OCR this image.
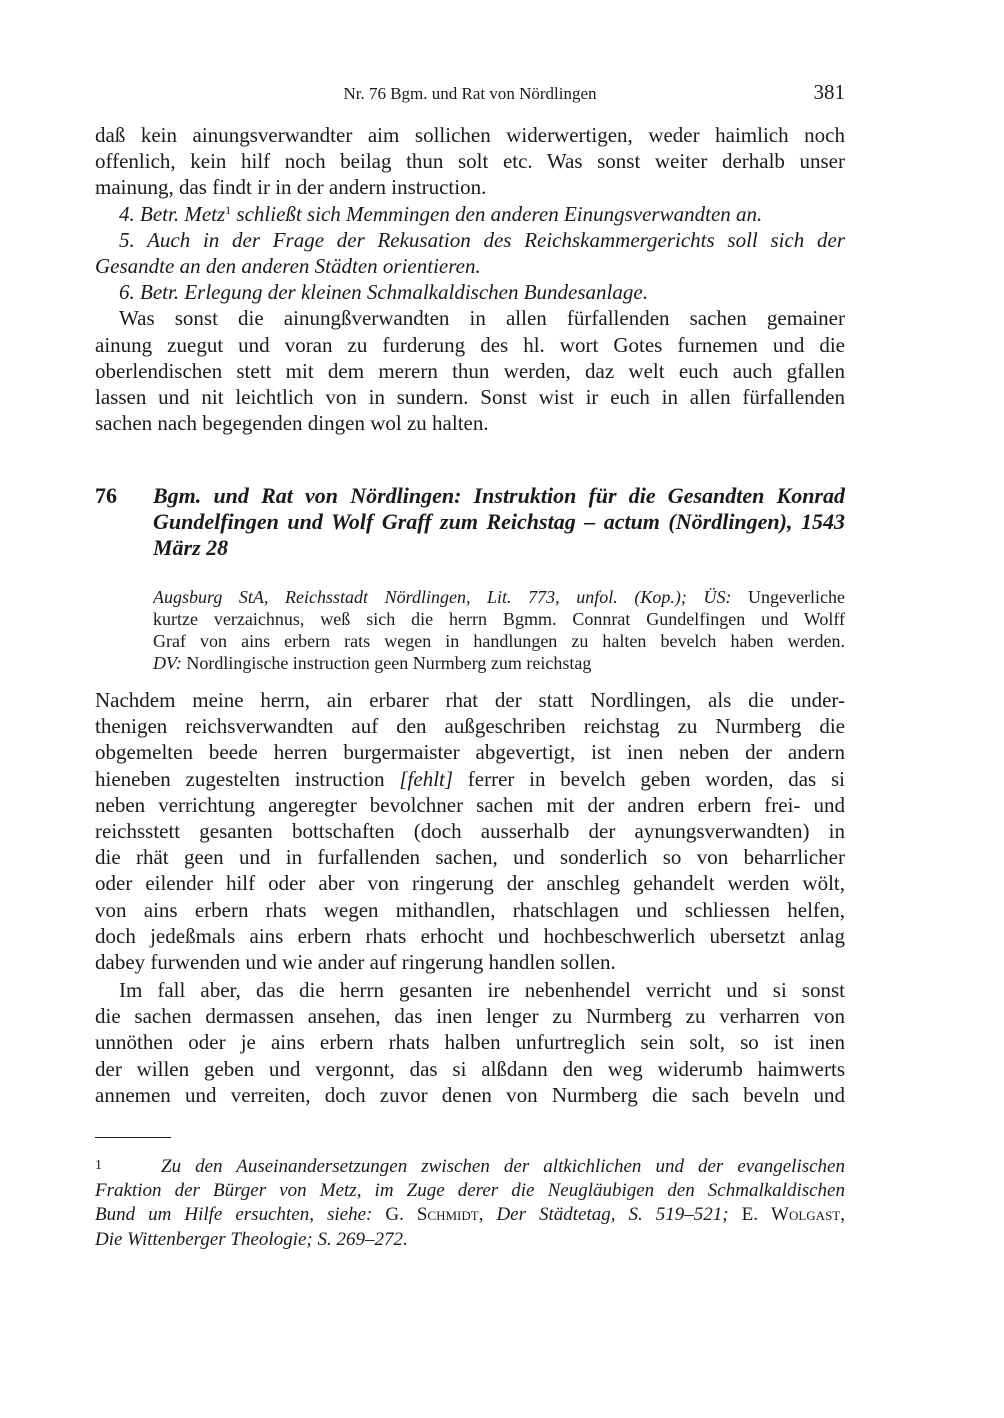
Nr. 76 Bgm. und Rat von Nördlingen	381
daß kein ainungsverwandter aim sollichen widerwertigen, weder haimlich noch
offenlich, kein hilf noch beilag thun solt etc. Was sonst weiter derhalb unser
mainung, das findt ir in der andern instruction.
4. Betr. Metz$^1$ schließt sich Memmingen den anderen Einungsverwandten an.
5. Auch in der Frage der Rekusation des Reichskammergerichts soll sich der
Gesandte an den anderen Städten orientieren.
6. Betr. Erlegung der kleinen Schmalkaldischen Bundesanlage.
Was sonst die ainungßverwandten in allen fürfallenden sachen gemainer
ainung zuegut und voran zu furderung des hl. wort Gotes furnemen und die
oberlendischen stett mit dem merern thun werden, daz welt euch auch gfallen
lassen und nit leichtlich von in sundern. Sonst wist ir euch in allen fürfallenden
sachen nach begegenden dingen wol zu halten.
76 Bgm. und Rat von Nördlingen: Instruktion für die Gesandten Konrad
Gundelfingen und Wolf Graff zum Reichstag – actum (Nördlingen), 1543
März 28
Augsburg StA, Reichsstadt Nördlingen, Lit. 773, unfol. (Kop.); ÜS: Ungeverliche
kurtze verzaichnus, weß sich die herrn Bgmm. Connrat Gundelfingen und Wolff
Graf von ains erbern rats wegen in handlungen zu halten bevelch haben werden.
DV: Nordlingische instruction geen Nurmberg zum reichstag
Nachdem meine herrn, ain erbarer rhat der statt Nordlingen, als die under-
thenigen reichsverwandten auf den außgeschriben reichstag zu Nurmberg die
obgemelten beede herren burgermaister abgevertigt, ist inen neben der andern
hieneben zugestelten instruction [fehlt] ferrer in bevelch geben worden, das si
neben verrichtung angeregter bevolchner sachen mit der andren erbern frei- und
reichsstett gesanten bottschaften (doch ausserhalb der aynungsverwandten) in
die rhät geen und in furfallenden sachen, und sonderlich so von beharrlicher
oder eilender hilf oder aber von ringerung der anschleg gehandelt werden wölt,
von ains erbern rhats wegen mithandlen, rhatschlagen und schliessen helfen,
doch jedeßmals ains erbern rhats erhocht und hochbeschwerlich ubersetzt anlag
dabey furwenden und wie ander auf ringerung handlen sollen.
Im fall aber, das die herrn gesanten ire nebenhendel verricht und si sonst
die sachen dermassen ansehen, das inen lenger zu Nurmberg zu verharren von
unnöthen oder je ains erbern rhats halben unfurtreglich sein solt, so ist inen
der willen geben und vergonnt, das si alßdann den weg widerumb haimwerts
annemen und verreiten, doch zuvor denen von Nurmberg die sach beveln und
1	Zu den Auseinandersetzungen zwischen der altkichlichen und der evangelischen
Fraktion der Bürger von Metz, im Zuge derer die Neugläubigen den Schmalkaldischen
Bund um Hilfe ersuchten, siehe: G. Schmidt, Der Städtetag, S. 519–521; E. Wolgast,
Die Wittenberger Theologie; S. 269–272.
